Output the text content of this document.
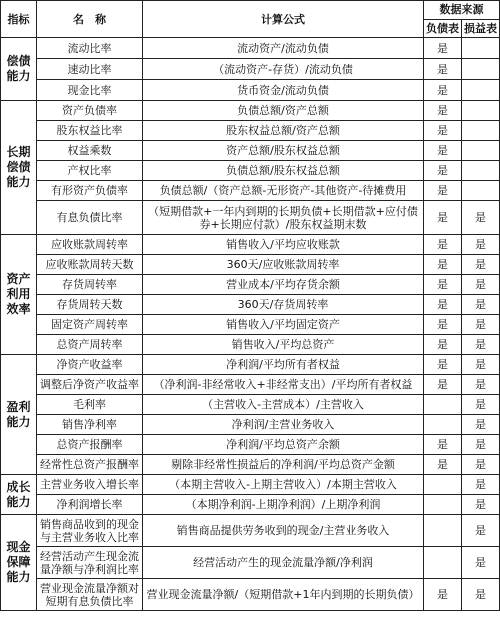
指标	名　称	计算公式	数据来源	
			负债表	损益表
偿债能力	流动比率	流动资产/流动负债	是	
	速动比率	（流动资产-存货）/流动负债	是	
	现金比率	货币资金/流动负债	是	
长期偿债能力	资产负债率	负债总额/资产总额	是	
	股东权益比率	股东权益总额/资产总额	是	
	权益乘数	资产总额/股东权益总额	是	
	产权比率	负债总额/股东权益总额	是	
	有形资产负债率	负债总额/（资产总额-无形资产-其他资产-待摊费用	是	
	有息负债比率	（短期借款+一年内到期的长期负债+长期借款+应付债券+长期应付款）/股东权益期末数	是	是
资产利用效率	应收账款周转率	销售收入/平均应收账款	是	是
	应收账款周转天数	360天/应收账款周转率	是	是
	存货周转率	营业成本/平均存货余额	是	是
	存货周转天数	360天/存货周转率	是	是
	固定资产周转率	销售收入/平均固定资产	是	是
	总资产周转率	销售收入/平均总资产	是	是
盈利能力	净资产收益率	净利润/平均所有者权益	是	是
	调整后净资产收益率	（净利润-非经常收入+非经常支出）/平均所有者权益	是	是
	毛利率	（主营收入-主营成本）/主营收入		是
	销售净利率	净利润/主营业务收入		是
	总资产报酬率	净利润/平均总资产余额	是	是
	经常性总资产报酬率	剔除非经常性损益后的净利润/平均总资产金额	是	是
成长能力	主营业务收入增长率	（本期主营收入-上期主营收入）/本期主营收入		是
	净利润增长率	（本期净利润-上期净利润）/上期净利润		是
现金保障能力	销售商品收到的现金与主营业务收入比率	销售商品提供劳务收到的现金/主营业务收入		是
	经营活动产生现金流量净额与净利润比率	经营活动产生的现金流量净额/净利润		是
	营业现金流量净额对短期有息负债比率	营业现金流量净额/（短期借款+1年内到期的长期负债）	是	是
